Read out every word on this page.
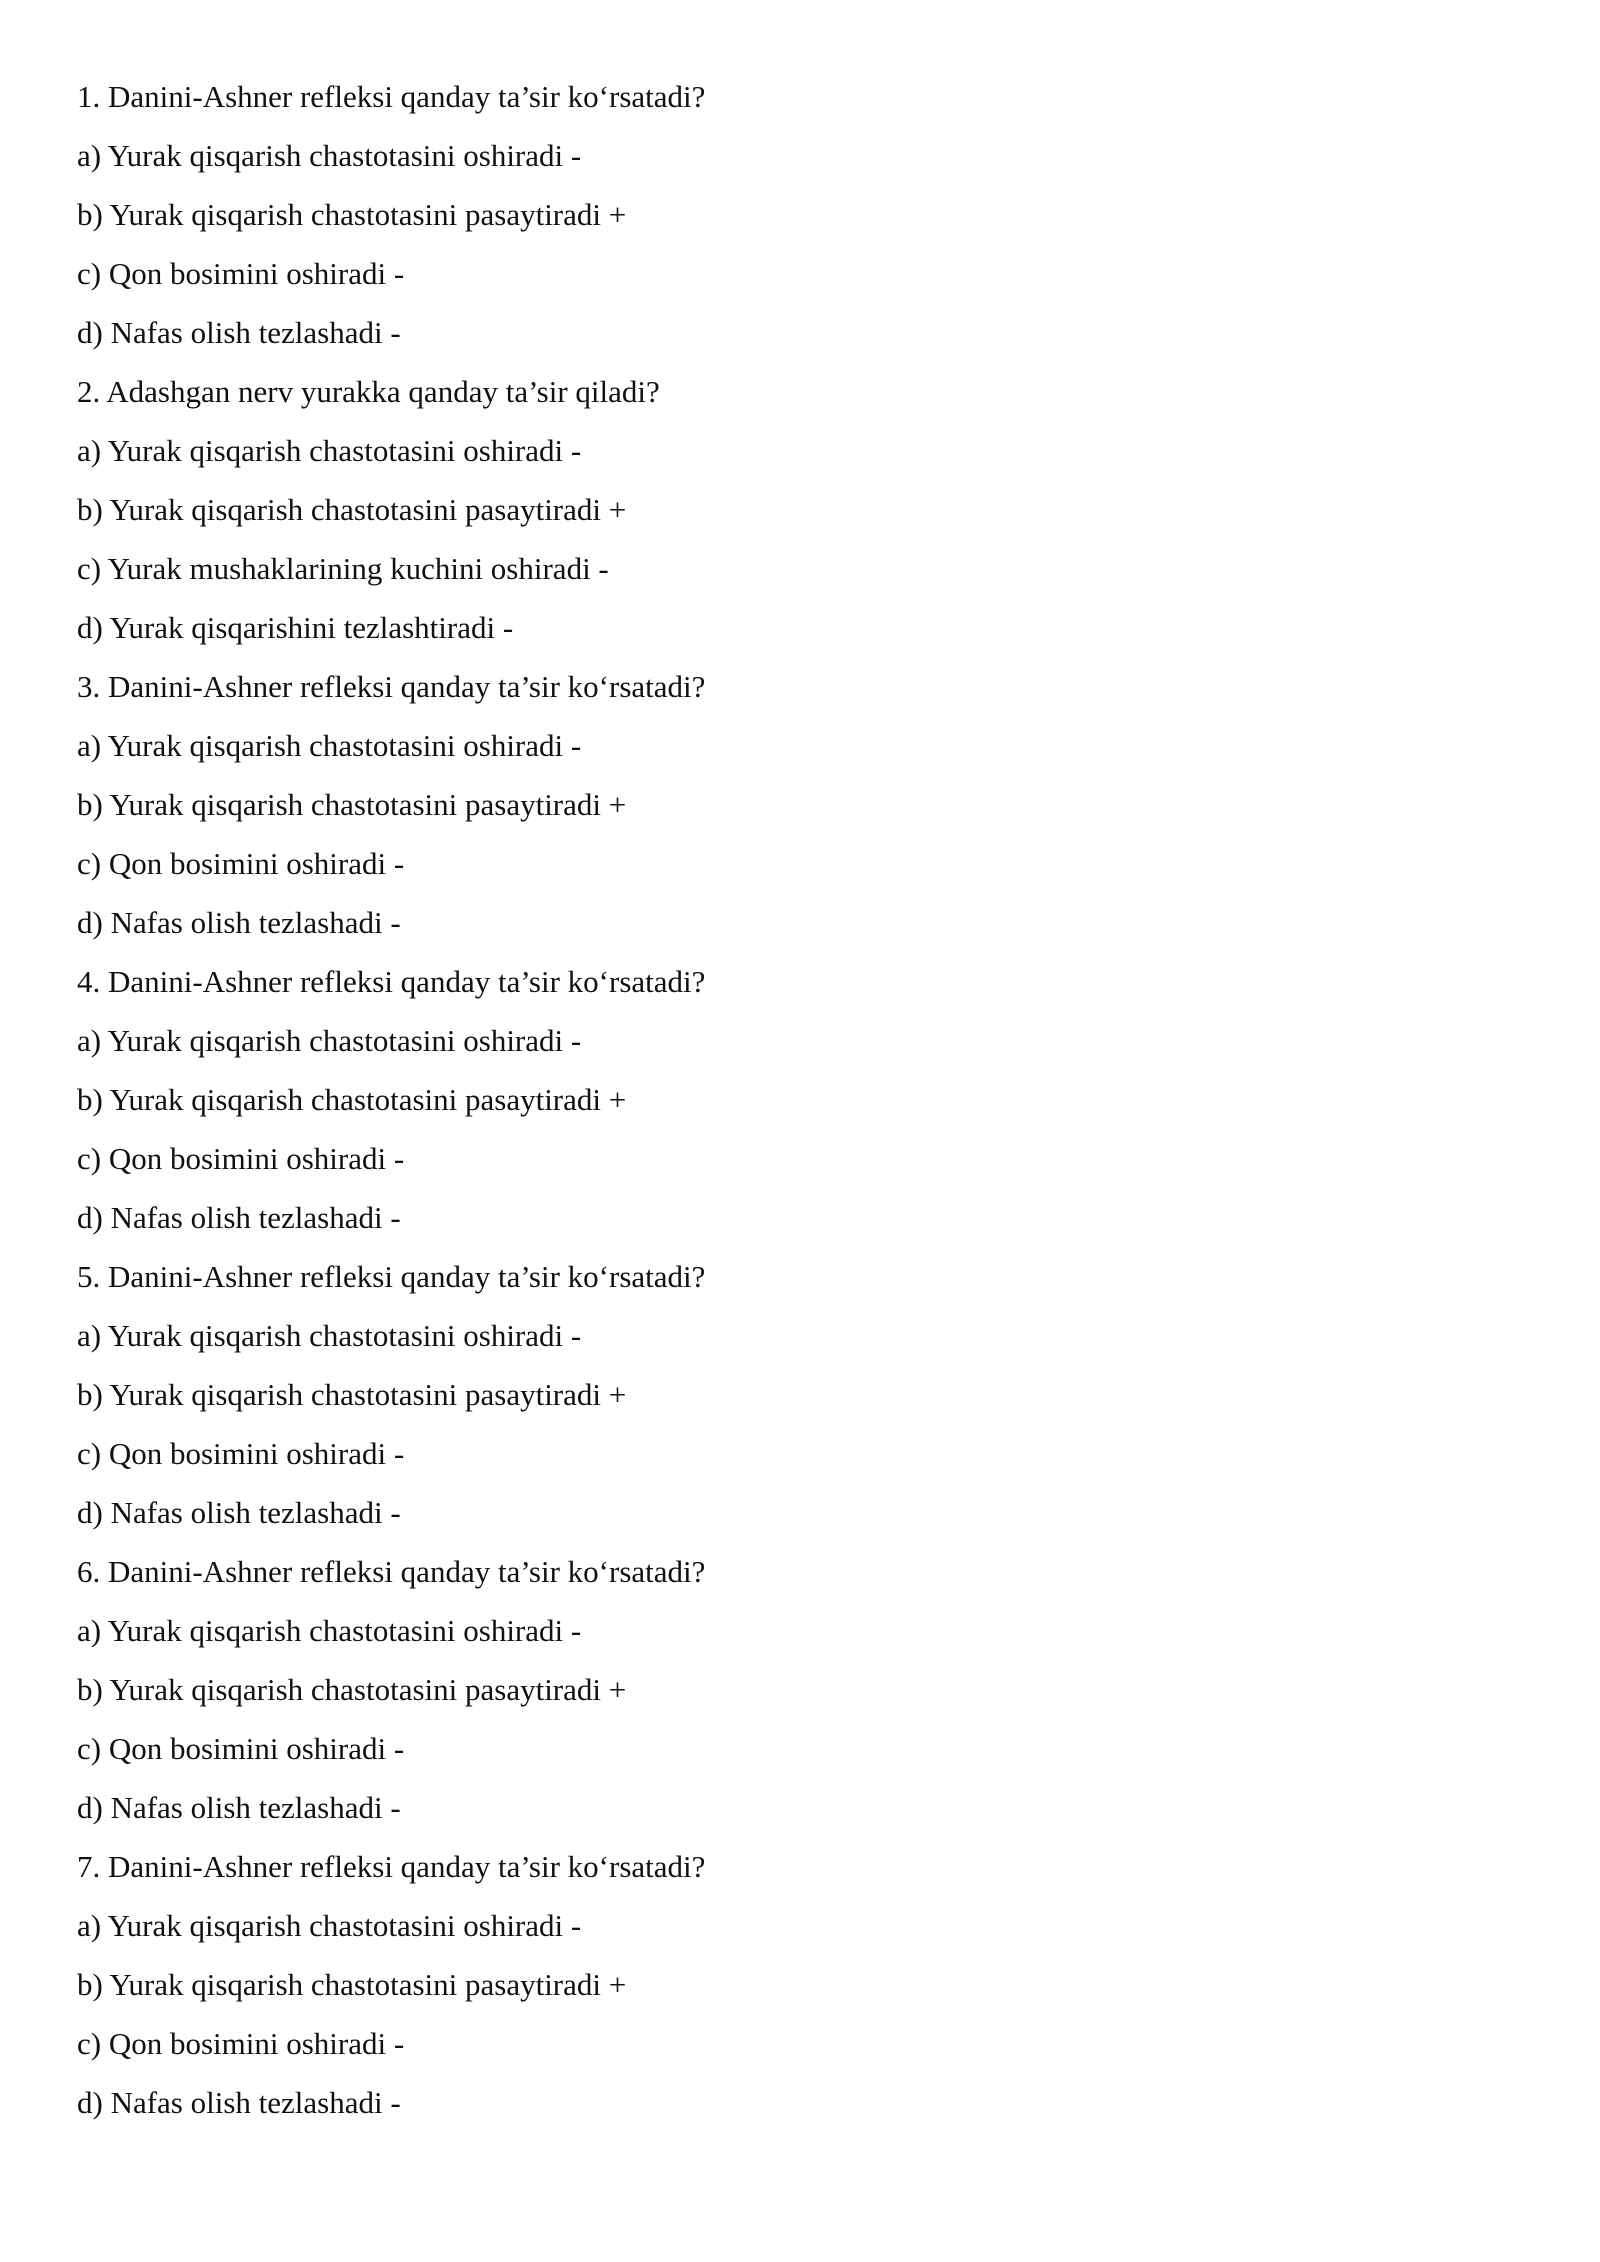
1. Danini-Ashner refleksi qanday ta’sir ko‘rsatadi?
a) Yurak qisqarish chastotasini oshiradi -
b) Yurak qisqarish chastotasini pasaytiradi +
c) Qon bosimini oshiradi -
d) Nafas olish tezlashadi -
2. Adashgan nerv yurakka qanday ta’sir qiladi?
a) Yurak qisqarish chastotasini oshiradi -
b) Yurak qisqarish chastotasini pasaytiradi +
c) Yurak mushaklarining kuchini oshiradi -
d) Yurak qisqarishini tezlashtiradi -
3. Danini-Ashner refleksi qanday ta’sir ko‘rsatadi?
a) Yurak qisqarish chastotasini oshiradi -
b) Yurak qisqarish chastotasini pasaytiradi +
c) Qon bosimini oshiradi -
d) Nafas olish tezlashadi -
4. Danini-Ashner refleksi qanday ta’sir ko‘rsatadi?
a) Yurak qisqarish chastotasini oshiradi -
b) Yurak qisqarish chastotasini pasaytiradi +
c) Qon bosimini oshiradi -
d) Nafas olish tezlashadi -
5. Danini-Ashner refleksi qanday ta’sir ko‘rsatadi?
a) Yurak qisqarish chastotasini oshiradi -
b) Yurak qisqarish chastotasini pasaytiradi +
c) Qon bosimini oshiradi -
d) Nafas olish tezlashadi -
6. Danini-Ashner refleksi qanday ta’sir ko‘rsatadi?
a) Yurak qisqarish chastotasini oshiradi -
b) Yurak qisqarish chastotasini pasaytiradi +
c) Qon bosimini oshiradi -
d) Nafas olish tezlashadi -
7. Danini-Ashner refleksi qanday ta’sir ko‘rsatadi?
a) Yurak qisqarish chastotasini oshiradi -
b) Yurak qisqarish chastotasini pasaytiradi +
c) Qon bosimini oshiradi -
d) Nafas olish tezlashadi -
